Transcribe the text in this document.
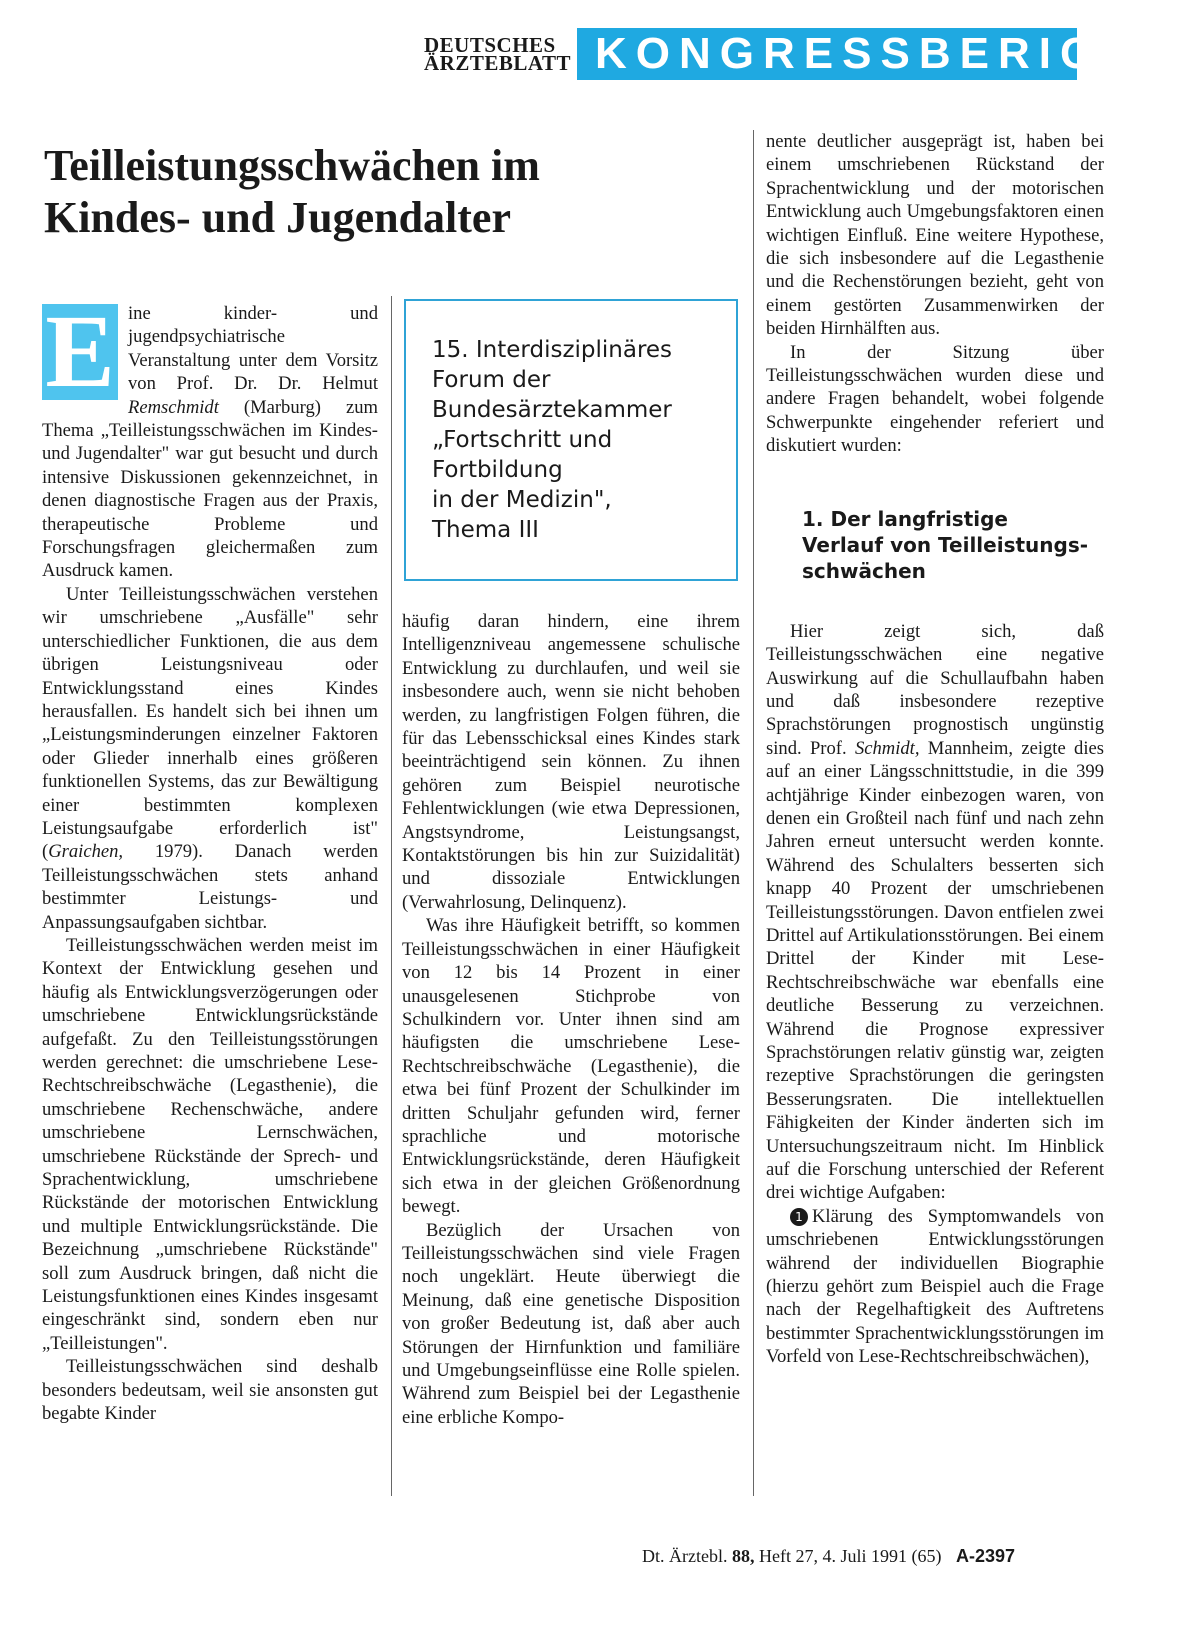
DEUTSCHES
ÄRZTEBLATT KONGRESSBERICHT
Teilleistungsschwächen im
Kindes- und Jugendalter
E ine kinder- und jugendpsychiatrische Veranstaltung unter dem Vorsitz von Prof. Dr. Dr. Helmut Remschmidt (Marburg) zum Thema „Teilleistungsschwächen im Kindes- und Jugendalter" war gut besucht und durch intensive Diskussionen gekennzeichnet, in denen diagnostische Fragen aus der Praxis, therapeutische Probleme und Forschungsfragen gleichermaßen zum Ausdruck kamen.

Unter Teilleistungsschwächen verstehen wir umschriebene „Ausfälle" sehr unterschiedlicher Funktionen, die aus dem übrigen Leistungsniveau oder Entwicklungsstand eines Kindes herausfallen. Es handelt sich bei ihnen um „Leistungsminderungen einzelner Faktoren oder Glieder innerhalb eines größeren funktionellen Systems, das zur Bewältigung einer bestimmten komplexen Leistungsaufgabe erforderlich ist" (Graichen, 1979). Danach werden Teilleistungsschwächen stets anhand bestimmter Leistungs- und Anpassungsaufgaben sichtbar.

Teilleistungsschwächen werden meist im Kontext der Entwicklung gesehen und häufig als Entwicklungsverzögerungen oder umschriebene Entwicklungsrückstände aufgefaßt. Zu den Teilleistungsstörungen werden gerechnet: die umschriebene Lese-Rechtschreibschwäche (Legasthenie), die umschriebene Rechenschwäche, andere umschriebene Lernschwächen, umschriebene Rückstände der Sprech- und Sprachentwicklung, umschriebene Rückstände der motorischen Entwicklung und multiple Entwicklungsrückstände. Die Bezeichnung „umschriebene Rückstände" soll zum Ausdruck bringen, daß nicht die Leistungsfunktionen eines Kindes insgesamt eingeschränkt sind, sondern eben nur „Teilleistungen".

Teilleistungsschwächen sind deshalb besonders bedeutsam, weil sie ansonsten gut begabte Kinder

15. Interdisziplinäres
Forum der
Bundesärztekammer
„Fortschritt und
Fortbildung
in der Medizin",
Thema III

häufig daran hindern, eine ihrem Intelligenzniveau angemessene schulische Entwicklung zu durchlaufen, und weil sie insbesondere auch, wenn sie nicht behoben werden, zu langfristigen Folgen führen, die für das Lebensschicksal eines Kindes stark beeinträchtigend sein können. Zu ihnen gehören zum Beispiel neurotische Fehlentwicklungen (wie etwa Depressionen, Angstsyndrome, Leistungsangst, Kontaktstörungen bis hin zur Suizidalität) und dissoziale Entwicklungen (Verwahrlosung, Delinquenz).

Was ihre Häufigkeit betrifft, so kommen Teilleistungsschwächen in einer Häufigkeit von 12 bis 14 Prozent in einer unausgelesenen Stichprobe von Schulkindern vor. Unter ihnen sind am häufigsten die umschriebene Lese-Rechtschreibschwäche (Legasthenie), die etwa bei fünf Prozent der Schulkinder im dritten Schuljahr gefunden wird, ferner sprachliche und motorische Entwicklungsrückstände, deren Häufigkeit sich etwa in der gleichen Größenordnung bewegt.

Bezüglich der Ursachen von Teilleistungsschwächen sind viele Fragen noch ungeklärt. Heute überwiegt die Meinung, daß eine genetische Disposition von großer Bedeutung ist, daß aber auch Störungen der Hirnfunktion und familiäre und Umgebungseinflüsse eine Rolle spielen. Während zum Beispiel bei der Legasthenie eine erbliche Kompo-

nente deutlicher ausgeprägt ist, haben bei einem umschriebenen Rückstand der Sprachentwicklung und der motorischen Entwicklung auch Umgebungsfaktoren einen wichtigen Einfluß. Eine weitere Hypothese, die sich insbesondere auf die Legasthenie und die Rechenstörungen bezieht, geht von einem gestörten Zusammenwirken der beiden Hirnhälften aus.

In der Sitzung über Teilleistungsschwächen wurden diese und andere Fragen behandelt, wobei folgende Schwerpunkte eingehender referiert und diskutiert wurden:

1. Der langfristige
Verlauf von Teilleistungs-
schwächen

Hier zeigt sich, daß Teilleistungsschwächen eine negative Auswirkung auf die Schullaufbahn haben und daß insbesondere rezeptive Sprachstörungen prognostisch ungünstig sind. Prof. Schmidt, Mannheim, zeigte dies auf an einer Längsschnittstudie, in die 399 achtjährige Kinder einbezogen waren, von denen ein Großteil nach fünf und nach zehn Jahren erneut untersucht werden konnte. Während des Schulalters besserten sich knapp 40 Prozent der umschriebenen Teilleistungsstörungen. Davon entfielen zwei Drittel auf Artikulationsstörungen. Bei einem Drittel der Kinder mit Lese-Rechtschreibschwäche war ebenfalls eine deutliche Besserung zu verzeichnen. Während die Prognose expressiver Sprachstörungen relativ günstig war, zeigten rezeptive Sprachstörungen die geringsten Besserungsraten. Die intellektuellen Fähigkeiten der Kinder änderten sich im Untersuchungszeitraum nicht. Im Hinblick auf die Forschung unterschied der Referent drei wichtige Aufgaben:

1 Klärung des Symptomwandels von umschriebenen Entwicklungsstörungen während der individuellen Biographie (hierzu gehört zum Beispiel auch die Frage nach der Regelhaftigkeit des Auftretens bestimmter Sprachentwicklungsstörungen im Vorfeld von Lese-Rechtschreibschwächen),

Dt. Ärztebl. 88, Heft 27, 4. Juli 1991 (65) A-2397
